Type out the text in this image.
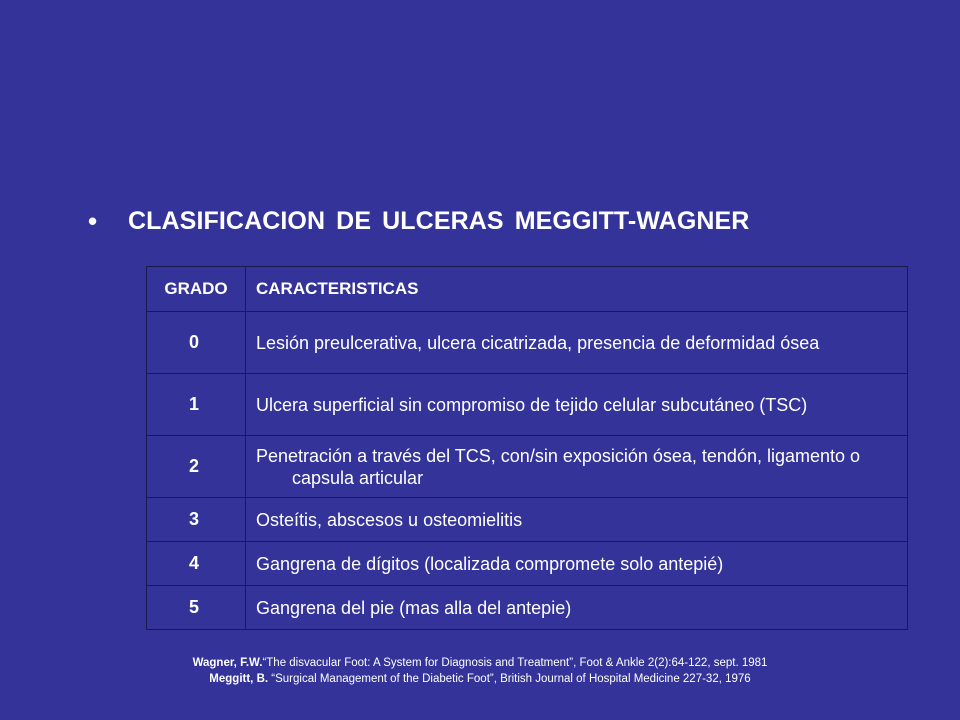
•	CLASIFICACION DE ULCERAS MEGGITT-WAGNER
GRADO	CARACTERISTICAS
0	Lesión preulcerativa, ulcera cicatrizada, presencia de deformidad ósea

1	Ulcera superficial sin compromiso de tejido celular subcutáneo (TSC)

2	Penetración a través del TCS, con/sin exposición ósea, tendón, ligamento o capsula articular

3	Osteítis, abscesos u osteomielitis

4	Gangrena de dígitos (localizada compromete solo antepié)

5	Gangrena del pie (mas alla del antepie)
Wagner, F.W.“The disvacular Foot: A System for Diagnosis and Treatment”, Foot & Ankle 2(2):64-122, sept. 1981
Meggitt, B. “Surgical Management of the Diabetic Foot”, British Journal of Hospital Medicine 227-32, 1976
